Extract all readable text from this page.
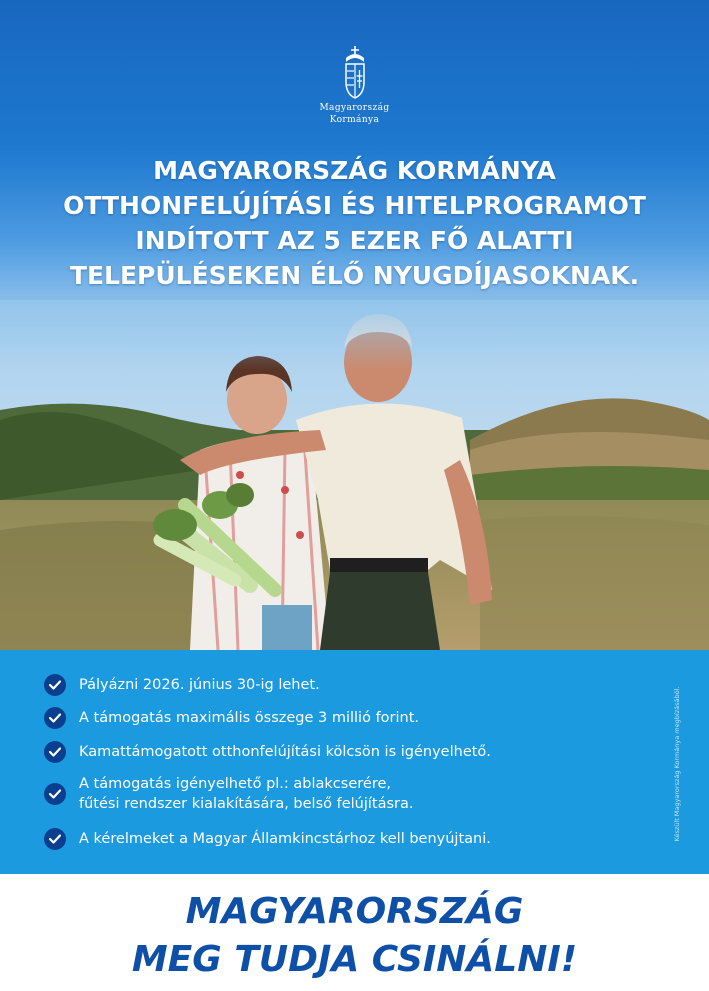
Magyarország
Kormánya
MAGYARORSZÁG KORMÁNYA
OTTHONFELÚJÍTÁSI ÉS HITELPROGRAMOT
INDÍTOTT AZ 5 EZER FŐ ALATTI
TELEPÜLÉSEKEN ÉLŐ NYUGDÍJASOKNAK.
Pályázni 2026. június 30-ig lehet.
A támogatás maximális összege 3 millió forint.
Kamattámogatott otthonfelújítási kölcsön is igényelhető.
A támogatás igényelhető pl.: ablakcserére,
fűtési rendszer kialakítására, belső felújításra.
A kérelmeket a Magyar Államkincstárhoz kell benyújtani.	Készült Magyarország Kormánya megbízásából.
MAGYARORSZÁG
MEG TUDJA CSINÁLNI!
